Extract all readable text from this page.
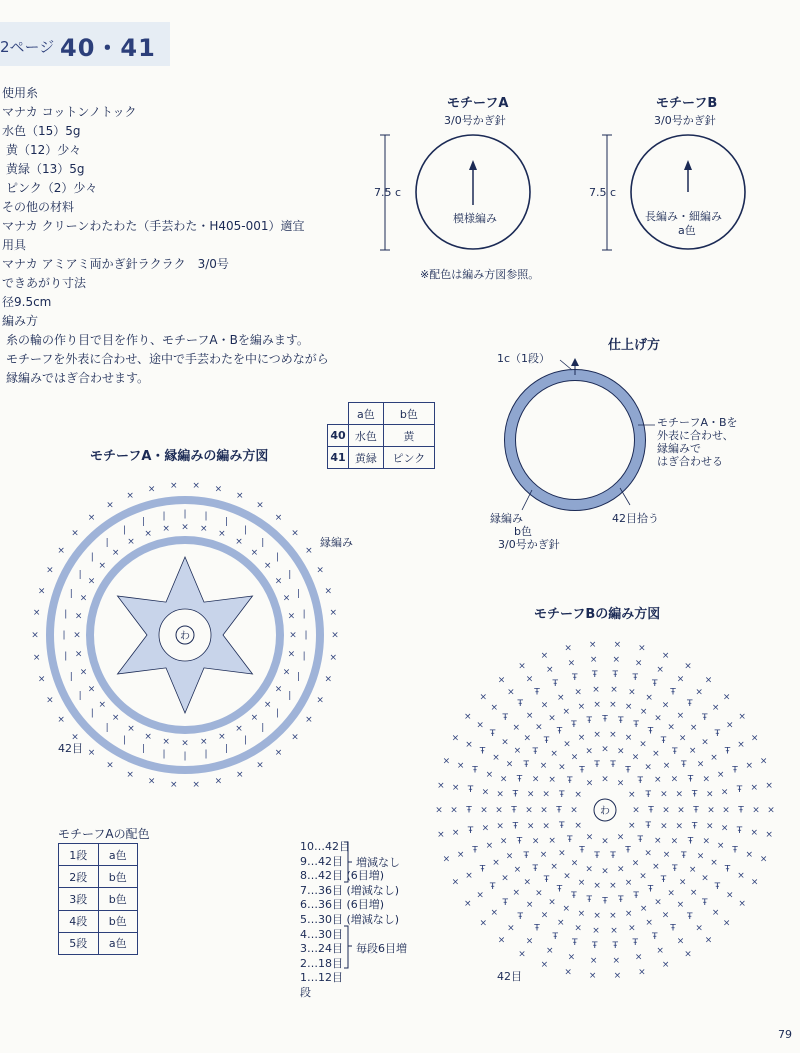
2ページ 40・41
使用糸
マナカ コットンノトック
水色（15）5g
黄（12）少々
黄緑（13）5g
ピンク（2）少々
その他の材料
マナカ クリーンわたわた（手芸わた・H405-001）適宜
用具
マナカ アミアミ両かぎ針ラクラク　3/0号
できあがり寸法
径9.5cm
編み方
糸の輪の作り目で目を作り、モチーフA・Bを編みます。
モチーフを外表に合わせ、途中で手芸わたを中につめながら
縁編みではぎ合わせます。
モチーフA
3/0号かぎ針
7.5 c
模様編み
モチーフB
3/0号かぎ針
7.5 c
長編み・細編み
a色
※配色は編み方図参照。
	a色	b色
40	水色	黄
41	黄緑	ピンク
仕上げ方
1c（1段）
モチーフA・Bを
外表に合わせ、
縁編みで
はぎ合わせる
縁編み
b色
3/0号かぎ針
42目拾う
モチーフA・縁編みの編み方図
縁編み
42目
わ	×
×
×
×
×
×
×
×
×
×
×
×
×
×
×
×
×
×
×
×
×
×
×
×
×
×
×
×
×
×
× × × ×
×
×
×
×
×
×
×
×
|
|
|
|
|
|
|
|
|
|
|
|
|
|
|
|
|
|
|
|
|
|
|
|
|
|
| | |
|
|
|
|
|
|
|
×
×
×
×
×
×
×
×
×
×
×
×
×
×
×
×
×
×
×
×
×
×
×
×
×
× × × × ×
×
×
×
×
×
×
モチーフAの配色
1段	a色
2段	b色
3段	b色
4段	b色
5段	a色
10…42目
9…42目
8…42目 (6目増)
7…36目 (増減なし)
6…36目 (6目増)
5…30目 (増減なし)
4…30目
3…24目
2…18目
1…12目
段
増減なし
毎段6目増
モチーフBの編み方図
42目
わ ×
×
×
×
×
×
×
×
× × ×
×
Ŧ
Ŧ
Ŧ
Ŧ
Ŧ
Ŧ
Ŧ
Ŧ
Ŧ
Ŧ
Ŧ
Ŧ
Ŧ
Ŧ Ŧ
Ŧ
Ŧ
Ŧ
×
×
×
×
×
×
×
×
×
×
×
×
×
×
×
×
×
× × ×
×
×
×
×
×
×
×
×
×
×
×
×
×
×
×
×
×
×
×
×
×
×
×
×
×
× × × ×
×
×
×
×
×
Ŧ
Ŧ
Ŧ
Ŧ
Ŧ
Ŧ
Ŧ
Ŧ
Ŧ
Ŧ
Ŧ
Ŧ
Ŧ
Ŧ
Ŧ
Ŧ
Ŧ
Ŧ
Ŧ
Ŧ
Ŧ
Ŧ
Ŧ
Ŧ
Ŧ
Ŧ Ŧ Ŧ Ŧ Ŧ
Ŧ
Ŧ
Ŧ
Ŧ
Ŧ
Ŧ
×
×
×
×
×
×
×
×
×
×
×
×
×
×
×
×
×
×
×
×
×
×
×
×
×
×
×
×
×
× × × × × ×
×
×
×
×
×
×
×
×
×
×
×
×
×
×
×
×
×
×
×
×
×
×
×
×
×
×
×
×
×
×
×
×
×
×
×
×
×
× × × ×
×
×
×
×
×
×
×
×
Ŧ
Ŧ
Ŧ
Ŧ
Ŧ
Ŧ
Ŧ
Ŧ
Ŧ
Ŧ
Ŧ
Ŧ
Ŧ
Ŧ
Ŧ
Ŧ
Ŧ
Ŧ
Ŧ
Ŧ
Ŧ
Ŧ
Ŧ
Ŧ
Ŧ
Ŧ
Ŧ
Ŧ
Ŧ
Ŧ
Ŧ Ŧ Ŧ Ŧ
Ŧ
Ŧ
Ŧ
Ŧ
Ŧ
Ŧ
Ŧ
Ŧ
×
×
×
×
×
×
×
×
×
×
×
×
×
×
×
×
×
×
×
×
×
×
×
×
×
×
×
×
×
×
× × × ×
×
×
×
×
×
×
×
×
×
×
×
×
×
×
×
×
×
×
×
×
×
×
×
×
×
×
×
×
×
×
×
×
×
×
×
×
×
×
× × × ×
×
×
×
×
×
×
×
×
79
